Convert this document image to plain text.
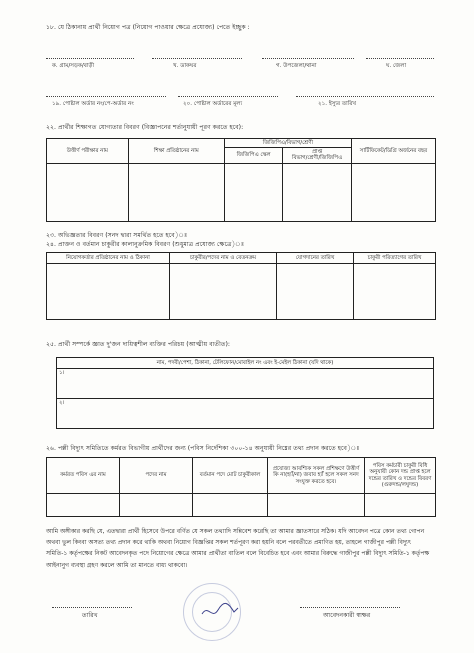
১৮. যে ঠিকানায় প্রার্থী নিয়োগ পত্র (নিয়োগ পাওয়ার ক্ষেত্রে প্রযোজ্য) পেতে ইচ্ছুক :
ক. গ্রাম/সড়ক/বাড়ী	খ. ডাকঘর	গ. উপজেলা/থানা	ঘ. জেলা
১৯. পোষ্টাল অর্ডার নং/পে-অর্ডার নং	২০. পোষ্টাল অর্ডারের মূল্য	২১. ইস্যুর তারিখ
২২. প্রার্থীর শিক্ষাগত যোগ্যতার বিবরণ (বিজ্ঞাপনের শর্তানুযায়ী পূরণ করতে হবে):
উত্তীর্ণ পরীক্ষার নাম	শিক্ষা প্রতিষ্ঠানের নাম	জিজিপিএ/বিভাগ/শ্রেণী		সার্টিফিকেট/ডিগ্রি অর্জনের বছর
		জিজিপিএ স্কেল	প্রাপ্ত
বিভাগ/শ্রেণী/জিজিপিএ	

২৩. অভিজ্ঞতার বিবরণ (সনদ দ্বারা সমর্থিত হতে হবে)ঃ
২৪. প্রাক্তন ও বর্তমান চাকুরীর কালানুক্রমিক বিবরণ (শুধুমাত্র প্রযোজ্য ক্ষেত্রে)ঃ
নিয়োগকর্তার প্রতিষ্ঠানের নাম ও ঠিকানা	চাকুরীর/পদের নাম ও বেতনক্রম	যোগদানের তারিখ	চাকুরী পরিত্যাগের তারিখ

২৫. প্রার্থী সম্পর্কে জ্ঞাত দু'জন দায়িত্বশীল ব্যক্তির পরিচয় (আত্মীয় ব্যতীত):
নাম, পদবী/পেশা, ঠিকানা, টেলিফোন/মোবাইল নং এবং ই-মেইল ঠিকানা (যদি থাকে)
১।
২।
২৬. পল্লী বিদ্যুৎ সমিতিতে কর্মরত বিভাগীয় প্রার্থীদের জন্য (পবিস নির্দেশিকা ৩০০-১৪ অনুযায়ী নিম্নের তথ্য প্রদান করতে হবে)ঃ
কর্মরত পবিস এর নাম	পদের নাম	বর্তমান পদে মোট চাকুরীকাল	প্রযোজ্য আবশ্যিক সকল প্রশিক্ষণে উত্তীর্ণ কি না(হ্যাঁ/না) জবাব হ্যাঁ হলে সকল সনদ সংযুক্ত করতে হবে।	পবিস কর্মচারী চাকুরী বিধি অনুযায়ী কোন দন্ড প্রাপ্ত হলে দন্ডের তারিখ ও দন্ডের বিবরণ (গুরুদন্ড/লঘুদন্ড)

আমি অঙ্গীকার করছি যে, এতদ্বারা প্রার্থী হিসেবে উপরে বর্ণিত যে সকল তথ্যাদি সন্নিবেশ করেছি তা আমার জ্ঞাতসারে সঠিক। যদি আবেদন পত্রে কোন তথ্য গোপন অথবা ভুল কিংবা অসত্য তথ্য প্রদান করে থাকি অথবা নিয়োগ বিজ্ঞপ্তির সকল শর্তপূরণ করা হয়নি বলে পরবর্তীতে প্রমাণিত হয়, তাহলে গাজীপুর পল্লী বিদ্যুৎ সমিতি-১ কর্তৃপক্ষের নিকট আবেদনকৃত পদে নিয়োগের ক্ষেত্রে আমার প্রার্থীতা বাতিল বলে বিবেচিত হবে এবং আমার বিরুদ্ধে গাজীপুর পল্লী বিদ্যুৎ সমিতি-১ কর্তৃপক্ষ আইনানুগ ব্যবস্থা গ্রহণ করলে আমি তা মানতে বাধ্য থাকবো।
তারিখ	আবেদনকারী স্বাক্ষর
